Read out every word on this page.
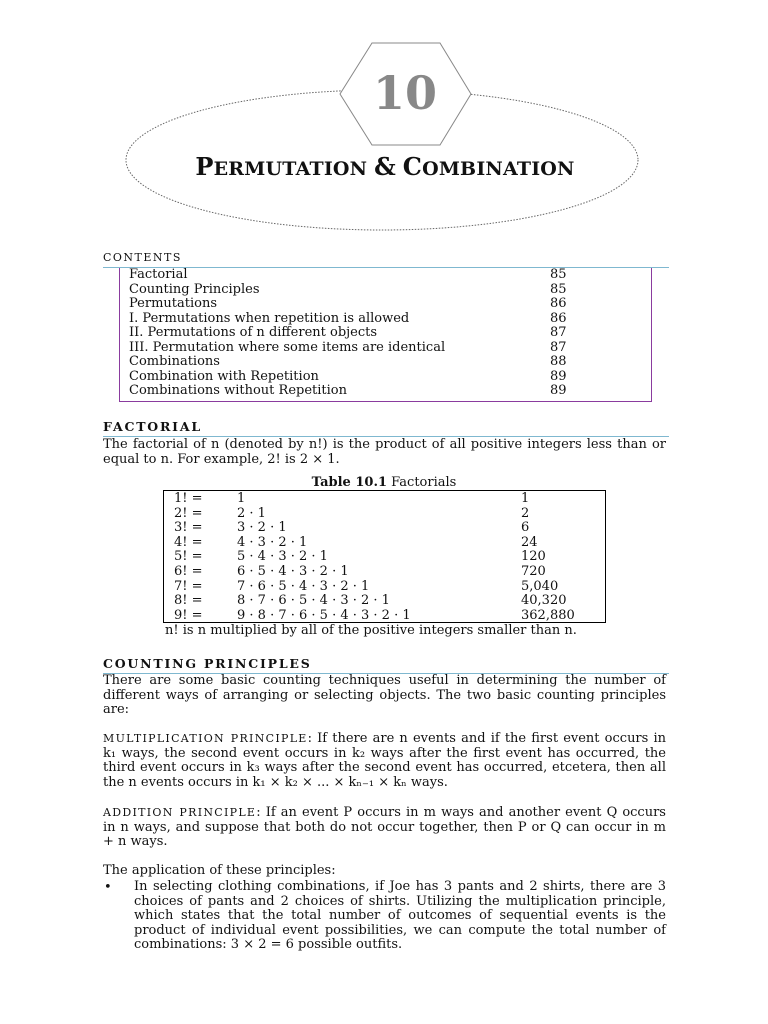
10
PERMUTATION & COMBINATION
CONTENTS
Factorial	85
Counting Principles	85
Permutations	86
I. Permutations when repetition is allowed	86
II. Permutations of n different objects	87
III. Permutation where some items are identical	87
Combinations	88
Combination with Repetition	89
Combinations without Repetition	89
FACTORIAL
The factorial of n (denoted by n!) is the product of all positive integers less than or equal to n. For example, 2! is 2 × 1.
Table 10.1 Factorials
1! =	1	1
2! =	2 · 1	2
3! =	3 · 2 · 1	6
4! =	4 · 3 · 2 · 1	24
5! =	5 · 4 · 3 · 2 · 1	120
6! =	6 · 5 · 4 · 3 · 2 · 1	720
7! =	7 · 6 · 5 · 4 · 3 · 2 · 1	5,040
8! =	8 · 7 · 6 · 5 · 4 · 3 · 2 · 1	40,320
9! =	9 · 8 · 7 · 6 · 5 · 4 · 3 · 2 · 1	362,880
n! is n multiplied by all of the positive integers smaller than n.
COUNTING PRINCIPLES
There are some basic counting techniques useful in determining the number of different ways of arranging or selecting objects. The two basic counting principles are:
MULTIPLICATION PRINCIPLE: If there are n events and if the first event occurs in k₁ ways, the second event occurs in k₂ ways after the first event has occurred, the third event occurs in k₃ ways after the second event has occurred, etcetera, then all the n events occurs in k₁ × k₂ × ... × kₙ₋₁ × kₙ ways.
ADDITION PRINCIPLE: If an event P occurs in m ways and another event Q occurs in n ways, and suppose that both do not occur together, then P or Q can occur in m + n ways.
The application of these principles:
• In selecting clothing combinations, if Joe has 3 pants and 2 shirts, there are 3 choices of pants and 2 choices of shirts. Utilizing the multiplication principle, which states that the total number of outcomes of sequential events is the product of individual event possibilities, we can compute the total number of combinations: 3 × 2 = 6 possible outfits.
